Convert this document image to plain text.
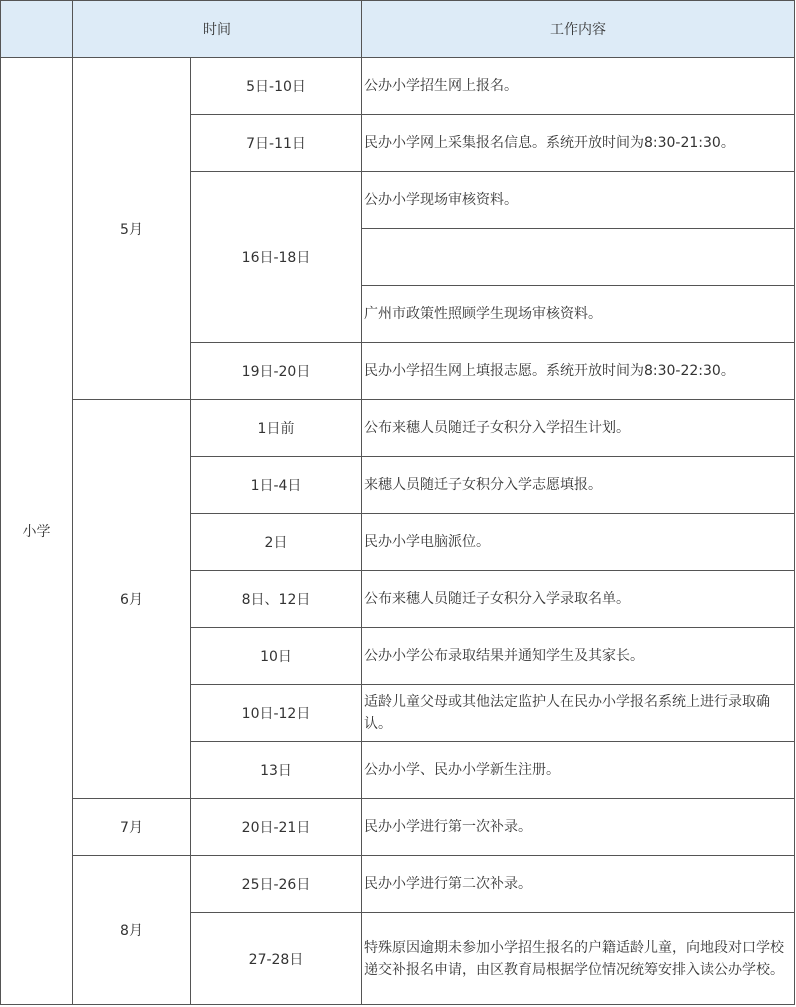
	时间		工作内容
小学	5月	5日-10日	公办小学招生网上报名。
		7日-11日	民办小学网上采集报名信息。系统开放时间为8:30-21:30。
		16日-18日	公办小学现场审核资料。

			广州市政策性照顾学生现场审核资料。
		19日-20日	民办小学招生网上填报志愿。系统开放时间为8:30-22:30。
	6月	1日前	公布来穗人员随迁子女积分入学招生计划。
		1日-4日	来穗人员随迁子女积分入学志愿填报。
		2日	民办小学电脑派位。
		8日、12日	公布来穗人员随迁子女积分入学录取名单。
		10日	公办小学公布录取结果并通知学生及其家长。
		10日-12日	适龄儿童父母或其他法定监护人在民办小学报名系统上进行录取确认。
		13日	公办小学、民办小学新生注册。
	7月	20日-21日	民办小学进行第一次补录。
	8月	25日-26日	民办小学进行第二次补录。
		27-28日	特殊原因逾期未参加小学招生报名的户籍适龄儿童，向地段对口学校递交补报名申请，由区教育局根据学位情况统筹安排入读公办学校。
